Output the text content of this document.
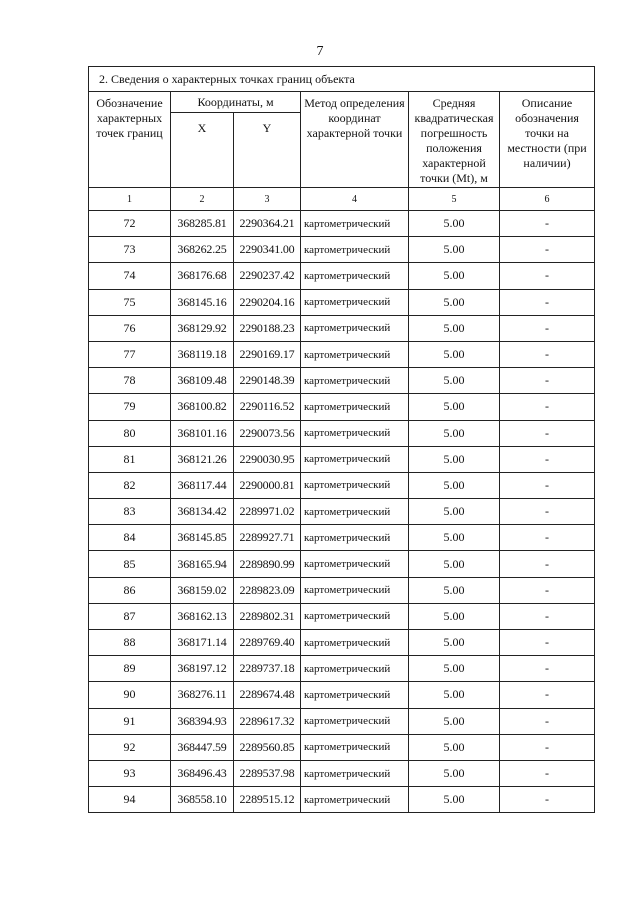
7
2. Сведения о характерных точках границ объекта					
Обозначение характерных точек границ	Координаты, м		Метод определения координат характерной точки	Средняя квадратическая погрешность положения характерной точки (Mt), м	Описание обозначения точки на местности (при наличии)
	X	Y			
1	2	3	4	5	6
72	368285.81	2290364.21	картометрический	5.00	-
73	368262.25	2290341.00	картометрический	5.00	-
74	368176.68	2290237.42	картометрический	5.00	-
75	368145.16	2290204.16	картометрический	5.00	-
76	368129.92	2290188.23	картометрический	5.00	-
77	368119.18	2290169.17	картометрический	5.00	-
78	368109.48	2290148.39	картометрический	5.00	-
79	368100.82	2290116.52	картометрический	5.00	-
80	368101.16	2290073.56	картометрический	5.00	-
81	368121.26	2290030.95	картометрический	5.00	-
82	368117.44	2290000.81	картометрический	5.00	-
83	368134.42	2289971.02	картометрический	5.00	-
84	368145.85	2289927.71	картометрический	5.00	-
85	368165.94	2289890.99	картометрический	5.00	-
86	368159.02	2289823.09	картометрический	5.00	-
87	368162.13	2289802.31	картометрический	5.00	-
88	368171.14	2289769.40	картометрический	5.00	-
89	368197.12	2289737.18	картометрический	5.00	-
90	368276.11	2289674.48	картометрический	5.00	-
91	368394.93	2289617.32	картометрический	5.00	-
92	368447.59	2289560.85	картометрический	5.00	-
93	368496.43	2289537.98	картометрический	5.00	-
94	368558.10	2289515.12	картометрический	5.00	-
